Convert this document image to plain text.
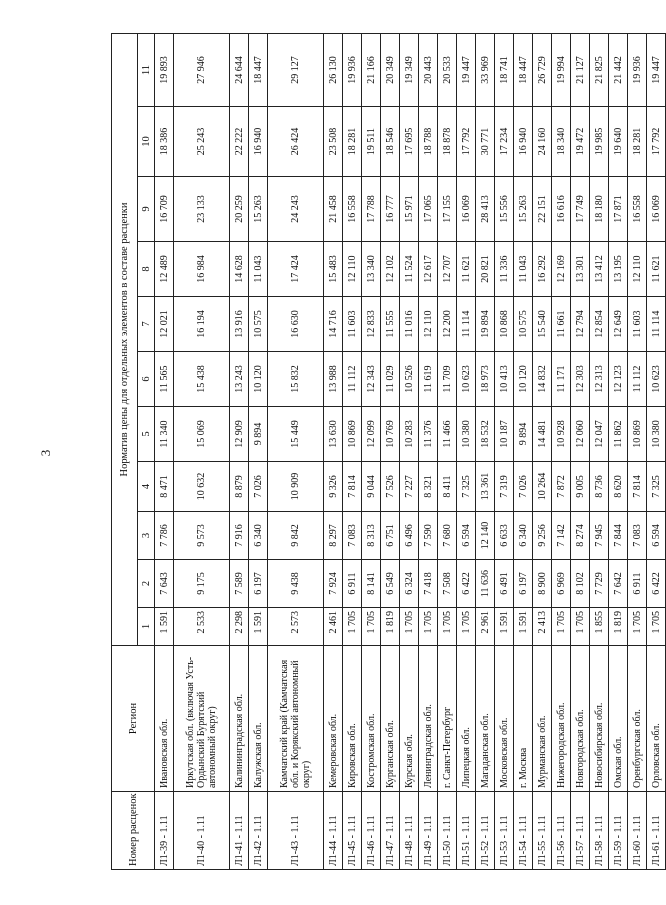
3
Номер расценок	Регион	Норматив цены для отдельных элементов в составе расценки										
		1	2	3	4	5	6	7	8	9	10	11
Л1-39 - 1.11	Ивановская обл.	1 591	7 643	7 786	8 471	11 340	11 565	12 021	12 489	16 709	18 386	19 893
Л1-40 - 1.11	Иркутская обл. (включая Усть-Ордынский Бурятский автономный округ)	2 533	9 175	9 573	10 632	15 069	15 438	16 194	16 984	23 133	25 243	27 946
Л1-41 - 1.11	Калининградская обл.	2 298	7 589	7 916	8 879	12 909	13 243	13 916	14 628	20 259	22 222	24 644
Л1-42 - 1.11	Калужская обл.	1 591	6 197	6 340	7 026	9 894	10 120	10 575	11 043	15 263	16 940	18 447
Л1-43 - 1.11	Камчатский край (Камчатская обл. и Корякский автономный округ)	2 573	9 438	9 842	10 909	15 449	15 832	16 630	17 424	24 243	26 424	29 127
Л1-44 - 1.11	Кемеровская обл.	2 461	7 924	8 297	9 326	13 630	13 988	14 716	15 483	21 458	23 508	26 130
Л1-45 - 1.11	Кировская обл.	1 705	6 911	7 083	7 814	10 869	11 112	11 603	12 110	16 558	18 281	19 936
Л1-46 - 1.11	Костромская обл.	1 705	8 141	8 313	9 044	12 099	12 343	12 833	13 340	17 788	19 511	21 166
Л1-47 - 1.11	Курганская обл.	1 819	6 549	6 751	7 526	10 769	11 029	11 555	12 102	16 777	18 546	20 349
Л1-48 - 1.11	Курская обл.	1 705	6 324	6 496	7 227	10 283	10 526	11 016	11 524	15 971	17 695	19 349
Л1-49 - 1.11	Ленинградская обл.	1 705	7 418	7 590	8 321	11 376	11 619	12 110	12 617	17 065	18 788	20 443
Л1-50 - 1.11	г. Санкт-Петербург	1 705	7 508	7 680	8 411	11 466	11 709	12 200	12 707	17 155	18 878	20 533
Л1-51 - 1.11	Липецкая обл.	1 705	6 422	6 594	7 325	10 380	10 623	11 114	11 621	16 069	17 792	19 447
Л1-52 - 1.11	Магаданская обл.	2 961	11 636	12 140	13 361	18 532	18 973	19 894	20 821	28 413	30 771	33 969
Л1-53 - 1.11	Московская обл.	1 591	6 491	6 633	7 319	10 187	10 413	10 868	11 336	15 556	17 234	18 741
Л1-54 - 1.11	г. Москва	1 591	6 197	6 340	7 026	9 894	10 120	10 575	11 043	15 263	16 940	18 447
Л1-55 - 1.11	Мурманская обл.	2 413	8 900	9 256	10 264	14 481	14 832	15 540	16 292	22 151	24 160	26 729
Л1-56 - 1.11	Нижегородская обл.	1 705	6 969	7 142	7 872	10 928	11 171	11 661	12 169	16 616	18 340	19 994
Л1-57 - 1.11	Новгородская обл.	1 705	8 102	8 274	9 005	12 060	12 303	12 794	13 301	17 749	19 472	21 127
Л1-58 - 1.11	Новосибирская обл.	1 855	7 729	7 945	8 736	12 047	12 313	12 854	13 412	18 180	19 985	21 825
Л1-59 - 1.11	Омская обл.	1 819	7 642	7 844	8 620	11 862	12 123	12 649	13 195	17 871	19 640	21 442
Л1-60 - 1.11	Оренбургская обл.	1 705	6 911	7 083	7 814	10 869	11 112	11 603	12 110	16 558	18 281	19 936
Л1-61 - 1.11	Орловская обл.	1 705	6 422	6 594	7 325	10 380	10 623	11 114	11 621	16 069	17 792	19 447
